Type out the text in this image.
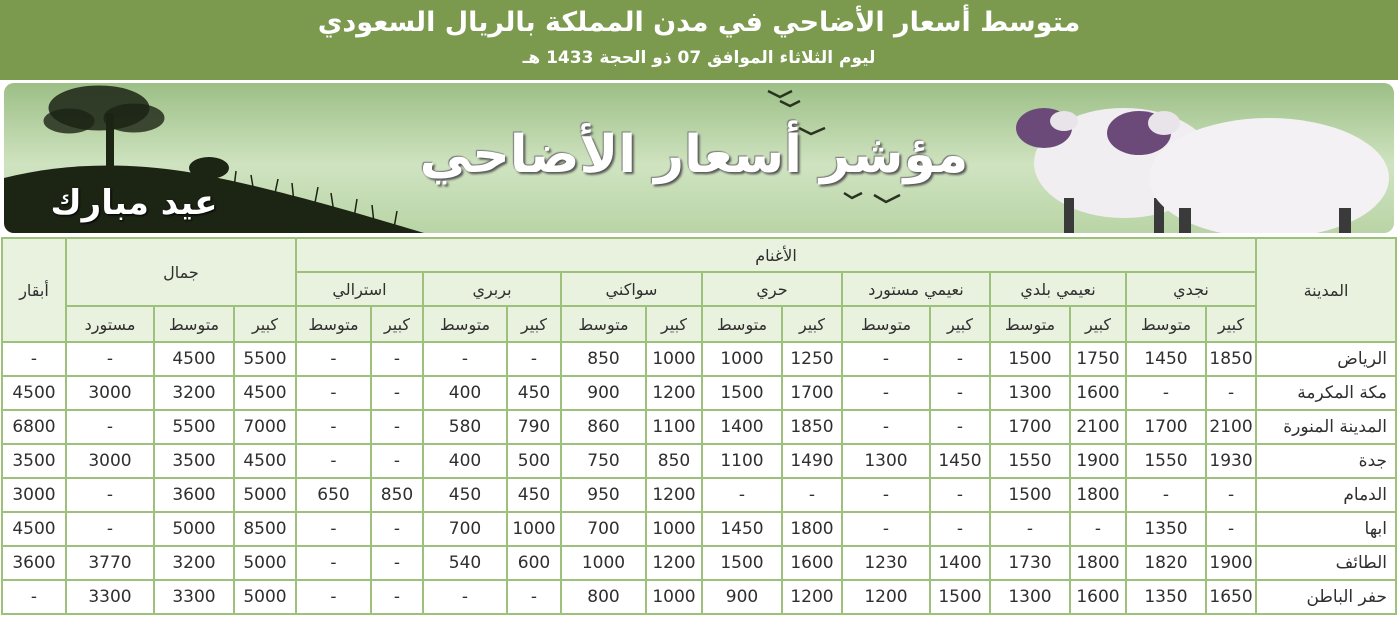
متوسط أسعار الأضاحي في مدن المملكة بالريال السعودي
ليوم الثلاثاء الموافق 07 ذو الحجة 1433 هـ
مؤشر أسعار الأضاحي
عيد مبارك
أبقار	جمال			الأغنام														المدينة
				استرالي		بربري		سواكني		حري		نعيمي مستورد		نعيمي بلدي		نجدي		
	مستورد	متوسط	كبير	متوسط	كبير	متوسط	كبير	متوسط	كبير	متوسط	كبير	متوسط	كبير	متوسط	كبير	متوسط	كبير	
-	-	4500	5500	-	-	-	-	850	1000	1000	1250	-	-	1500	1750	1450	1850	الرياض
4500	3000	3200	4500	-	-	400	450	900	1200	1500	1700	-	-	1300	1600	-	-	مكة المكرمة
6800	-	5500	7000	-	-	580	790	860	1100	1400	1850	-	-	1700	2100	1700	2100	المدينة المنورة
3500	3000	3500	4500	-	-	400	500	750	850	1100	1490	1300	1450	1550	1900	1550	1930	جدة
3000	-	3600	5000	650	850	450	450	950	1200	-	-	-	-	1500	1800	-	-	الدمام
4500	-	5000	8500	-	-	700	1000	700	1000	1450	1800	-	-	-	-	1350	-	ابها
3600	3770	3200	5000	-	-	540	600	1000	1200	1500	1600	1230	1400	1730	1800	1820	1900	الطائف
-	3300	3300	5000	-	-	-	-	800	1000	900	1200	1200	1500	1300	1600	1350	1650	حفر الباطن
